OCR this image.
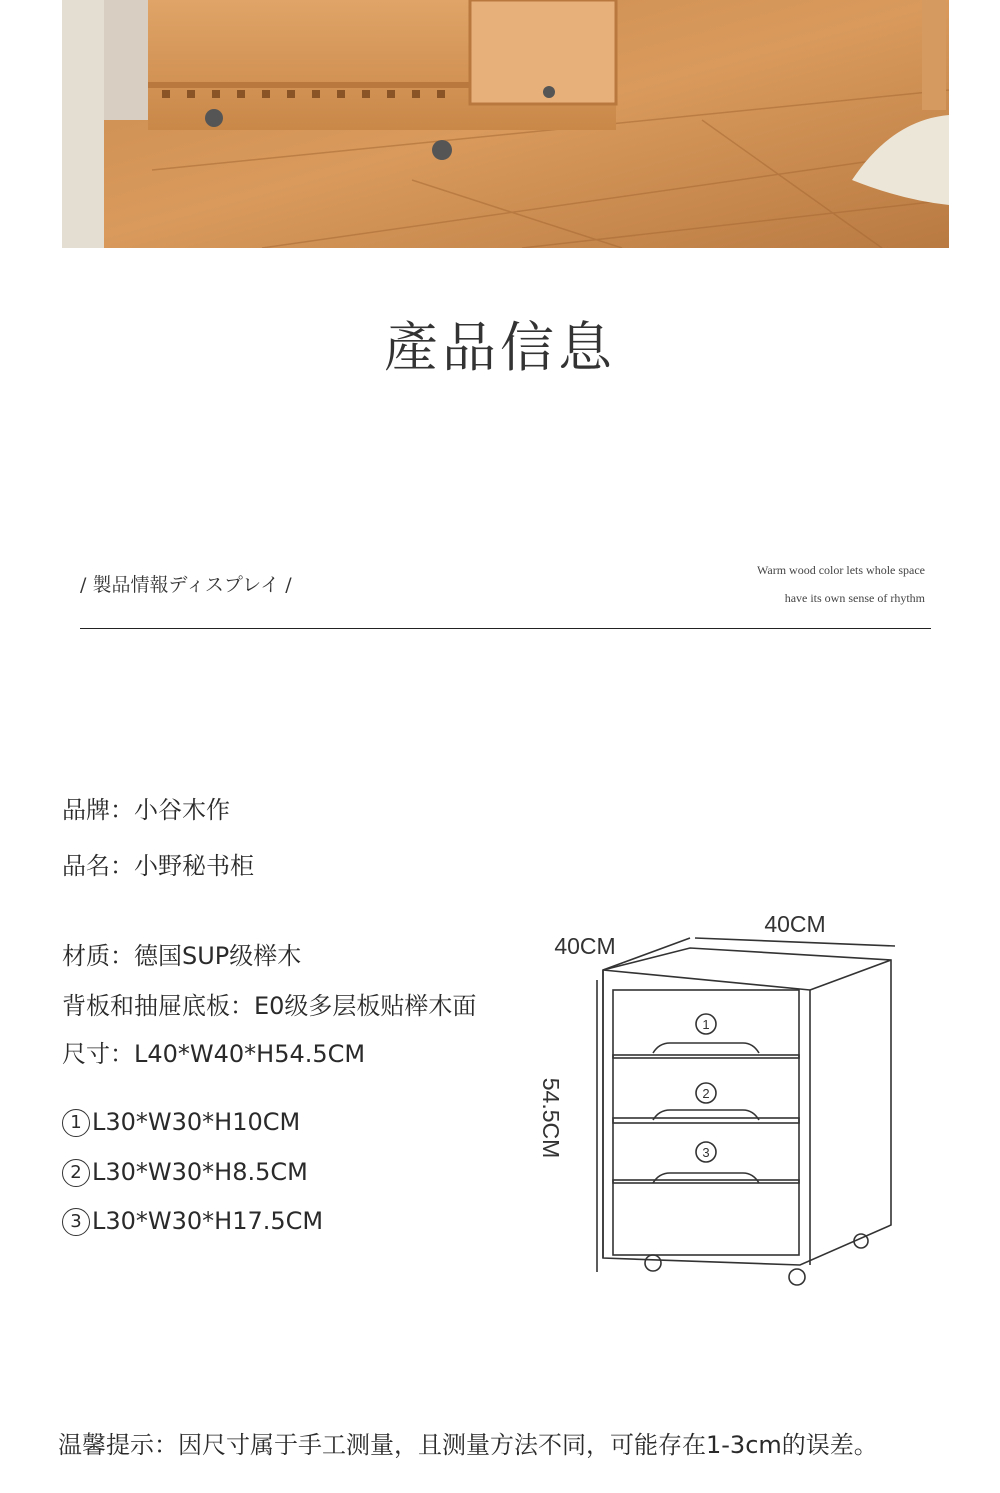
產品信息
/ 製品情報ディスプレイ /
Warm wood color lets whole space
have its own sense of rhythm
品牌：小谷木作
品名：小野秘书柜
材质：德国SUP级榉木
背板和抽屉底板：E0级多层板贴榉木面
尺寸：L40*W40*H54.5CM
1 L30*W30*H10CM
2 L30*W30*H8.5CM
3 L30*W30*H17.5CM
1
2
3
40CM
40CM
54.5CM
温馨提示：因尺寸属于手工测量，且测量方法不同，可能存在1-3cm的误差。
